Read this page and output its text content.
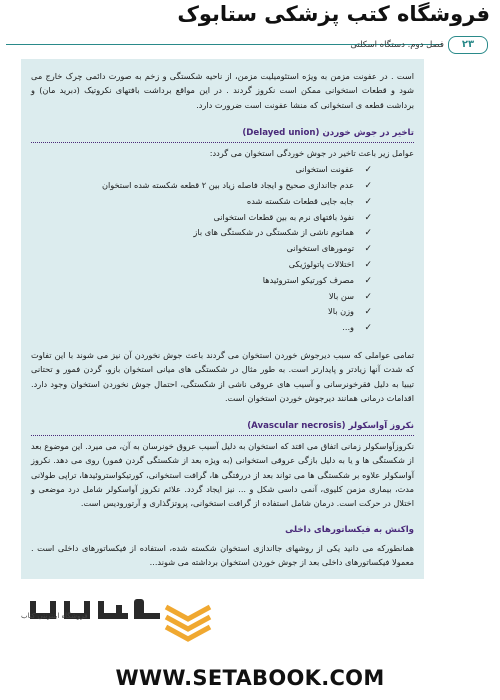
فروشگاه کتب پزشکی ستابوک
فصل دوم. دستگاه اسکلتی	۲۳

است . در عفونت مزمن به ویژه استئومیلیت مزمن، از ناحیه شکستگی و زخم به صورت دائمی چرک خارج می شود و قطعات استخوانی ممکن است نکروز گردند . در این مواقع برداشت بافتهای نکروتیک (دبرید مان) و برداشت قطعه ی استخوانی که منشا عفونت است ضرورت دارد.

تاخیر در جوش خوردن (Delayed union)

عوامل زیر باعث تاخیر در جوش خوردگی استخوان می گردد:

✓عفونت استخوانی
✓عدم جااندازی صحیح و ایجاد فاصله زیاد بین ۲ قطعه شکسته شده استخوان
✓جابه جایی قطعات شکسته شده
✓نفوذ بافتهای نرم به بین قطعات استخوانی
✓هماتوم ناشی از شکستگی در شکستگی های باز
✓تومورهای استخوانی
✓اختلالات پاتولوژیکی
✓مصرف کورتیکو استروئیدها
✓سن بالا
✓وزن بالا
✓و...

تمامی عواملی که سبب دیرجوش خوردن استخوان می گردند باعث جوش نخوردن آن نیز می شوند با این تفاوت که شدت آنها زیادتر و پایدارتر است. به طور مثال در شکستگی های میانی استخوان بازو، گردن فمور و تحتانی تیبیا به دلیل فقرخونرسانی و آسیب های عروقی ناشی از شکستگی، احتمال جوش نخوردن استخوان وجود دارد. اقدامات درمانی همانند دیرجوش خوردن استخوان است.

نکروز آواسکولر (Avascular necrosis)

نکروزآواسکولر زمانی اتفاق می افتد که استخوان به دلیل آسیب عروق خونرسان به آن، می میرد. این موضوع بعد از شکستگی ها و یا به دلیل بازگی عروقی استخوانی (به ویژه بعد از شکستگی گردن فمور) روی می دهد. نکروز آواسکولر علاوه بر شکستگی ها می تواند بعد از دررفتگی ها، گرافت استخوانی، کورتیکواستروئیدها، تراپی طولانی مدت، بیماری مزمن کلیوی، آنمی داسی شکل و ... نیز ایجاد گردد. علائم نکروز آواسکولر شامل درد موضعی و اختلال در حرکت است. درمان شامل استفاده از گرافت استخوانی، پروتزگذاری و آرتورودیس است.

واکنش به فیکساتورهای داخلی

همانطورکه می دانید یکی از روشهای جااندازی استخوان شکسته شده، استفاده از فیکساتورهای داخلی است . معمولا فیکساتورهای داخلی بعد از جوش خوردن استخوان برداشته می شوند...

فروشگاه اینترنتی کتاب
WWW.SETABOOK.COM
